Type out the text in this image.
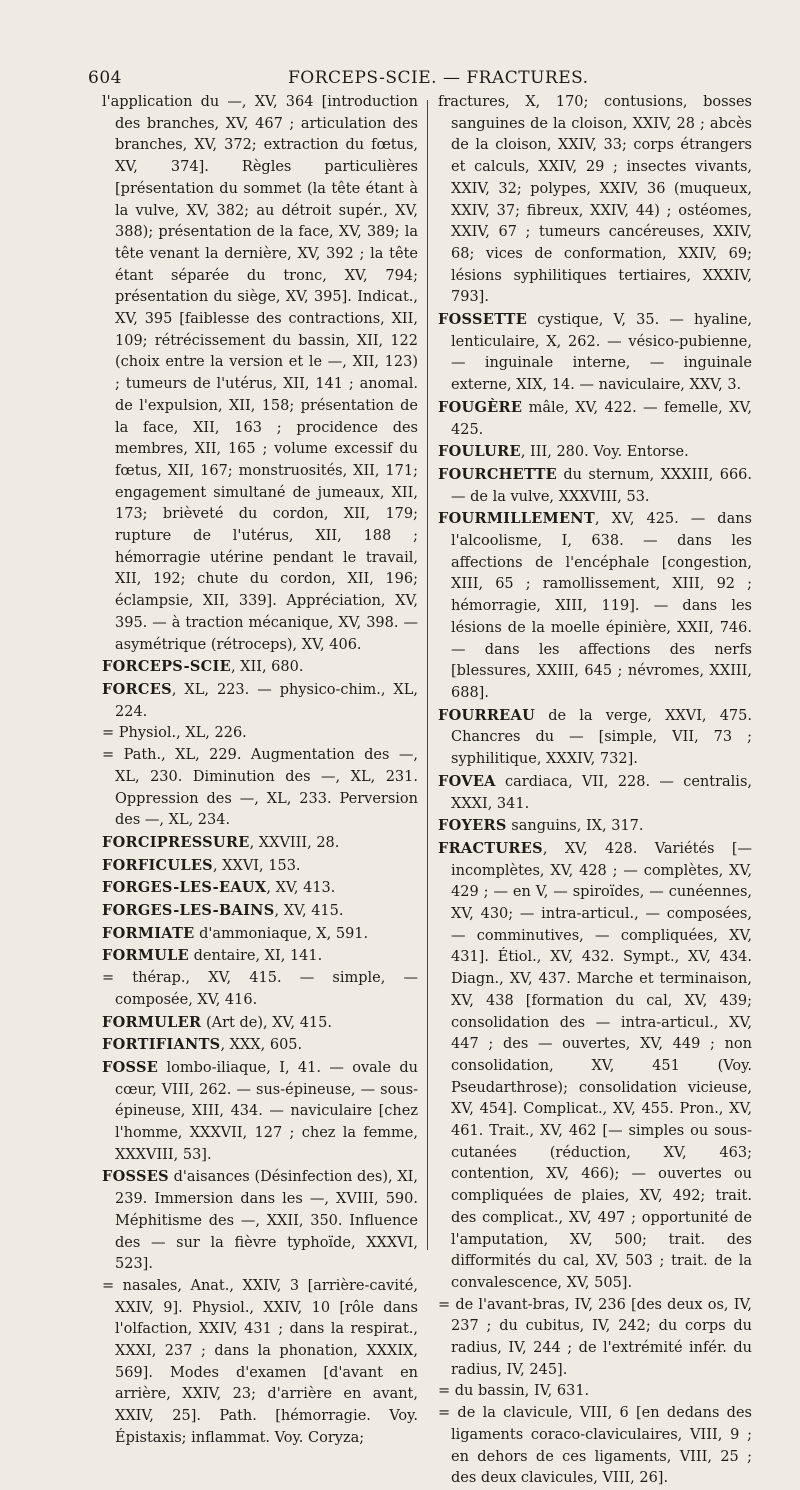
604	FORCEPS-SCIE. — FRACTURES.

l'application du —, XV, 364 [introduction des branches, XV, 467 ; articulation des branches, XV, 372; extraction du fœtus, XV, 374]. Règles particulières [présentation du sommet (la tête étant à la vulve, XV, 382; au détroit supér., XV, 388); présentation de la face, XV, 389; la tête venant la dernière, XV, 392 ; la tête étant séparée du tronc, XV, 794; présentation du siège, XV, 395]. Indicat., XV, 395 [faiblesse des contractions, XII, 109; rétrécissement du bassin, XII, 122 (choix entre la version et le —, XII, 123) ; tumeurs de l'utérus, XII, 141 ; anomal. de l'expulsion, XII, 158; présentation de la face, XII, 163 ; procidence des membres, XII, 165 ; volume excessif du fœtus, XII, 167; monstruosités, XII, 171; engagement simultané de jumeaux, XII, 173; brièveté du cordon, XII, 179; rupture de l'utérus, XII, 188 ; hémorragie utérine pendant le travail, XII, 192; chute du cordon, XII, 196; éclampsie, XII, 339]. Appréciation, XV, 395. — à traction mécanique, XV, 398. — asymétrique (rétroceps), XV, 406.

FORCEPS-SCIE, XII, 680.

FORCES, XL, 223. — physico-chim., XL, 224.

= Physiol., XL, 226.

= Path., XL, 229. Augmentation des —, XL, 230. Diminution des —, XL, 231. Oppression des —, XL, 233. Perversion des —, XL, 234.

FORCIPRESSURE, XXVIII, 28.

FORFICULES, XXVI, 153.

FORGES-LES-EAUX, XV, 413.

FORGES-LES-BAINS, XV, 415.

FORMIATE d'ammoniaque, X, 591.

FORMULE dentaire, XI, 141.

= thérap., XV, 415. — simple, — composée, XV, 416.

FORMULER (Art de), XV, 415.

FORTIFIANTS, XXX, 605.

FOSSE lombo-iliaque, I, 41. — ovale du cœur, VIII, 262. — sus-épineuse, — sous-épineuse, XIII, 434. — naviculaire [chez l'homme, XXXVII, 127 ; chez la femme, XXXVIII, 53].

FOSSES d'aisances (Désinfection des), XI, 239. Immersion dans les —, XVIII, 590. Méphitisme des —, XXII, 350. Influence des — sur la fièvre typhoïde, XXXVI, 523].

= nasales, Anat., XXIV, 3 [arrière-cavité, XXIV, 9]. Physiol., XXIV, 10 [rôle dans l'olfaction, XXIV, 431 ; dans la respirat., XXXI, 237 ; dans la phonation, XXXIX, 569]. Modes d'examen [d'avant en arrière, XXIV, 23; d'arrière en avant, XXIV, 25]. Path. [hémorragie. Voy. Épistaxis; inflammat. Voy. Coryza;

fractures, X, 170; contusions, bosses sanguines de la cloison, XXIV, 28 ; abcès de la cloison, XXIV, 33; corps étrangers et calculs, XXIV, 29 ; insectes vivants, XXIV, 32; polypes, XXIV, 36 (muqueux, XXIV, 37; fibreux, XXIV, 44) ; ostéomes, XXIV, 67 ; tumeurs cancéreuses, XXIV, 68; vices de conformation, XXIV, 69; lésions syphilitiques tertiaires, XXXIV, 793].

FOSSETTE cystique, V, 35. — hyaline, lenticulaire, X, 262. — vésico-pubienne, — inguinale interne, — inguinale externe, XIX, 14. — naviculaire, XXV, 3.

FOUGÈRE mâle, XV, 422. — femelle, XV, 425.

FOULURE, III, 280. Voy. Entorse.

FOURCHETTE du sternum, XXXIII, 666. — de la vulve, XXXVIII, 53.

FOURMILLEMENT, XV, 425. — dans l'alcoolisme, I, 638. — dans les affections de l'encéphale [congestion, XIII, 65 ; ramollissement, XIII, 92 ; hémorragie, XIII, 119]. — dans les lésions de la moelle épinière, XXII, 746. — dans les affections des nerfs [blessures, XXIII, 645 ; névromes, XXIII, 688].

FOURREAU de la verge, XXVI, 475. Chancres du — [simple, VII, 73 ; syphilitique, XXXIV, 732].

FOVEA cardiaca, VII, 228. — centralis, XXXI, 341.

FOYERS sanguins, IX, 317.

FRACTURES, XV, 428. Variétés [— incomplètes, XV, 428 ; — complètes, XV, 429 ; — en V, — spiroïdes, — cunéennes, XV, 430; — intra-articul., — composées, — comminutives, — compliquées, XV, 431]. Étiol., XV, 432. Sympt., XV, 434. Diagn., XV, 437. Marche et terminaison, XV, 438 [formation du cal, XV, 439; consolidation des — intra-articul., XV, 447 ; des — ouvertes, XV, 449 ; non consolidation, XV, 451 (Voy. Pseudarthrose); consolidation vicieuse, XV, 454]. Complicat., XV, 455. Pron., XV, 461. Trait., XV, 462 [— simples ou sous-cutanées (réduction, XV, 463; contention, XV, 466); — ouvertes ou compliquées de plaies, XV, 492; trait. des complicat., XV, 497 ; opportunité de l'amputation, XV, 500; trait. des difformités du cal, XV, 503 ; trait. de la convalescence, XV, 505].

= de l'avant-bras, IV, 236 [des deux os, IV, 237 ; du cubitus, IV, 242; du corps du radius, IV, 244 ; de l'extrémité infér. du radius, IV, 245].

= du bassin, IV, 631.

= de la clavicule, VIII, 6 [en dedans des ligaments coraco-claviculaires, VIII, 9 ; en dehors de ces ligaments, VIII, 25 ; des deux clavicules, VIII, 26].
